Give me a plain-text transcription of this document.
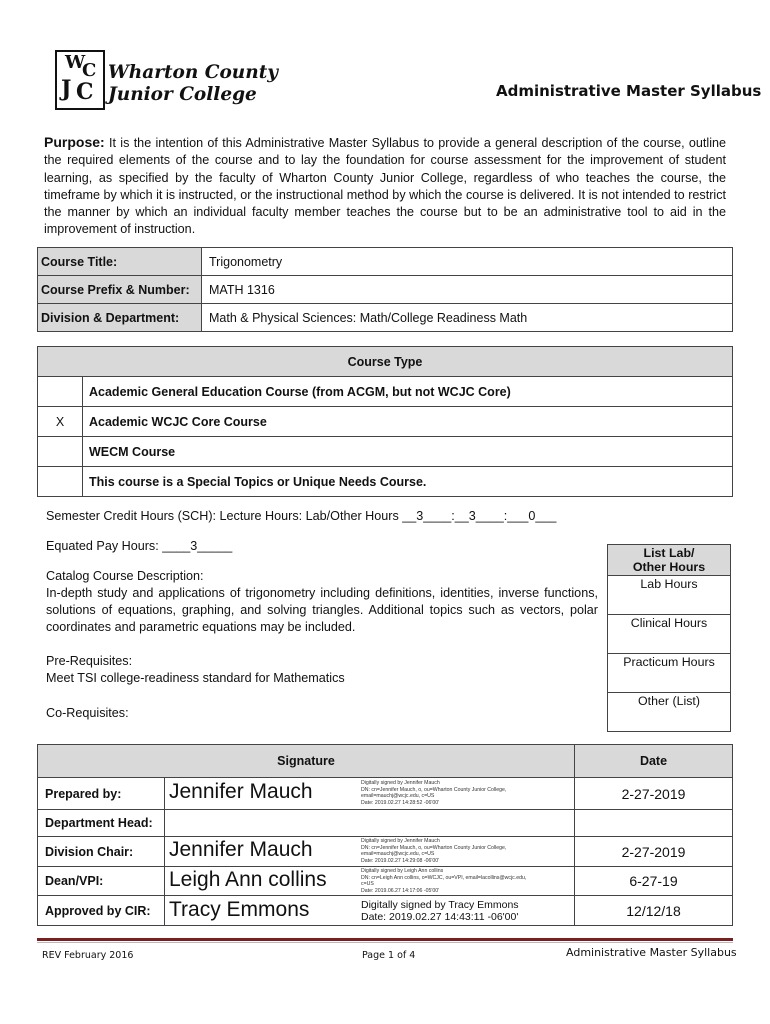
W
C
J C
Wharton County
Junior College	Administrative Master Syllabus
Purpose: It is the intention of this Administrative Master Syllabus to provide a general description of the course, outline the required elements of the course and to lay the foundation for course assessment for the improvement of student learning, as specified by the faculty of Wharton County Junior College, regardless of who teaches the course, the timeframe by which it is instructed, or the instructional method by which the course is delivered. It is not intended to restrict the manner by which an individual faculty member teaches the course but to be an administrative tool to aid in the improvement of instruction.
Course Title:	Trigonometry
Course Prefix & Number:	MATH 1316
Division & Department:	Math & Physical Sciences: Math/College Readiness Math
Course Type	
	Academic General Education Course (from ACGM, but not WCJC Core)
X	Academic WCJC Core Course
	WECM Course
	This course is a Special Topics or Unique Needs Course.
Semester Credit Hours (SCH): Lecture Hours: Lab/Other Hours __3____:__3____:___0___
Equated Pay Hours: ____3_____
Catalog Course Description:
In-depth study and applications of trigonometry including definitions, identities, inverse functions, solutions of equations, graphing, and solving triangles. Additional topics such as vectors, polar coordinates and parametric equations may be included.
Pre-Requisites:
Meet TSI college-readiness standard for Mathematics
Co-Requisites:
List Lab/
Other Hours

Lab Hours
Clinical Hours
Practicum Hours
Other (List)
Signature		Date
Prepared by:	Jennifer Mauch Digitally signed by Jennifer Mauch
DN: cn=Jennifer Mauch, o, ou=Wharton County Junior College,
email=mauchj@wcjc.edu, c=US
Date: 2019.02.27 14:28:52 -06'00'	2-27-2019
Department Head:		
Division Chair:	Jennifer Mauch Digitally signed by Jennifer Mauch
DN: cn=Jennifer Mauch, o, ou=Wharton County Junior College,
email=mauchj@wcjc.edu, c=US
Date: 2019.02.27 14:29:08 -06'00'	2-27-2019
Dean/VPI:	Leigh Ann collins Digitally signed by Leigh Ann collins
DN: cn=Leigh Ann collins, o=WCJC, ou=VPI, email=lacollins@wcjc.edu,
c=US
Date: 2019.06.27 14:17:06 -05'00'	6-27-19
Approved by CIR:	Tracy Emmons Digitally signed by Tracy Emmons
Date: 2019.02.27 14:43:11 -06'00'	12/12/18
REV February 2016	Page 1 of 4	Administrative Master Syllabus
